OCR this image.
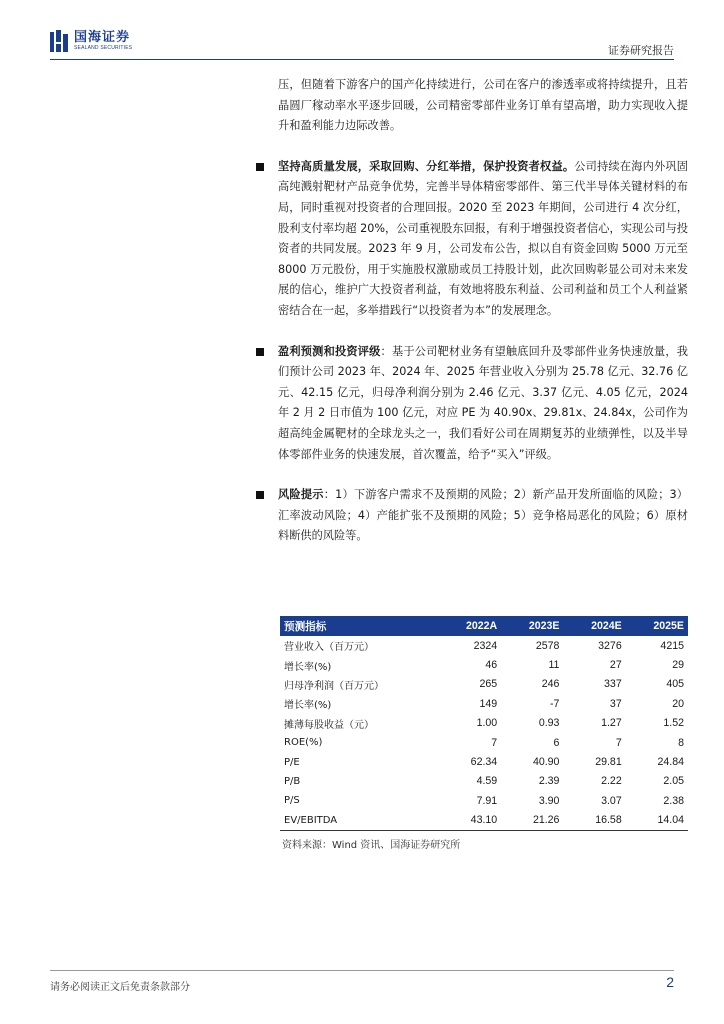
国海证券
SEALAND SECURITIES	证券研究报告

压，但随着下游客户的国产化持续进行，公司在客户的渗透率或将持续提升，且若晶圆厂稼动率水平逐步回暖，公司精密零部件业务订单有望高增，助力实现收入提升和盈利能力边际改善。

坚持高质量发展，采取回购、分红举措，保护投资者权益。公司持续在海内外巩固高纯溅射靶材产品竞争优势，完善半导体精密零部件、第三代半导体关键材料的布局，同时重视对投资者的合理回报。2020 至 2023 年期间，公司进行 4 次分红，股利支付率均超 20%，公司重视股东回报，有利于增强投资者信心，实现公司与投资者的共同发展。2023 年 9 月，公司发布公告，拟以自有资金回购 5000 万元至 8000 万元股份，用于实施股权激励或员工持股计划，此次回购彰显公司对未来发展的信心，维护广大投资者利益，有效地将股东利益、公司利益和员工个人利益紧密结合在一起，多举措践行“以投资者为本”的发展理念。

盈利预测和投资评级：基于公司靶材业务有望触底回升及零部件业务快速放量，我们预计公司 2023 年、2024 年、2025 年营业收入分别为 25.78 亿元、32.76 亿元、42.15 亿元，归母净利润分别为 2.46 亿元、3.37 亿元、4.05 亿元，2024 年 2 月 2 日市值为 100 亿元，对应 PE 为 40.90x、29.81x、24.84x，公司作为超高纯金属靶材的全球龙头之一，我们看好公司在周期复苏的业绩弹性，以及半导体零部件业务的快速发展，首次覆盖，给予“买入”评级。

风险提示：1）下游客户需求不及预期的风险；2）新产品开发所面临的风险；3）汇率波动风险；4）产能扩张不及预期的风险；5）竞争格局恶化的风险；6）原材料断供的风险等。

预测指标	2022A	2023E	2024E	2025E
营业收入（百万元）	2324	2578	3276	4215
增长率(%)	46	11	27	29
归母净利润（百万元）	265	246	337	405
增长率(%)	149	-7	37	20
摊薄每股收益（元）	1.00	0.93	1.27	1.52
ROE(%)	7	6	7	8
P/E	62.34	40.90	29.81	24.84
P/B	4.59	2.39	2.22	2.05
P/S	7.91	3.90	3.07	2.38
EV/EBITDA	43.10	21.26	16.58	14.04
资料来源：Wind 资讯、国海证券研究所
请务必阅读正文后免责条款部分	2
